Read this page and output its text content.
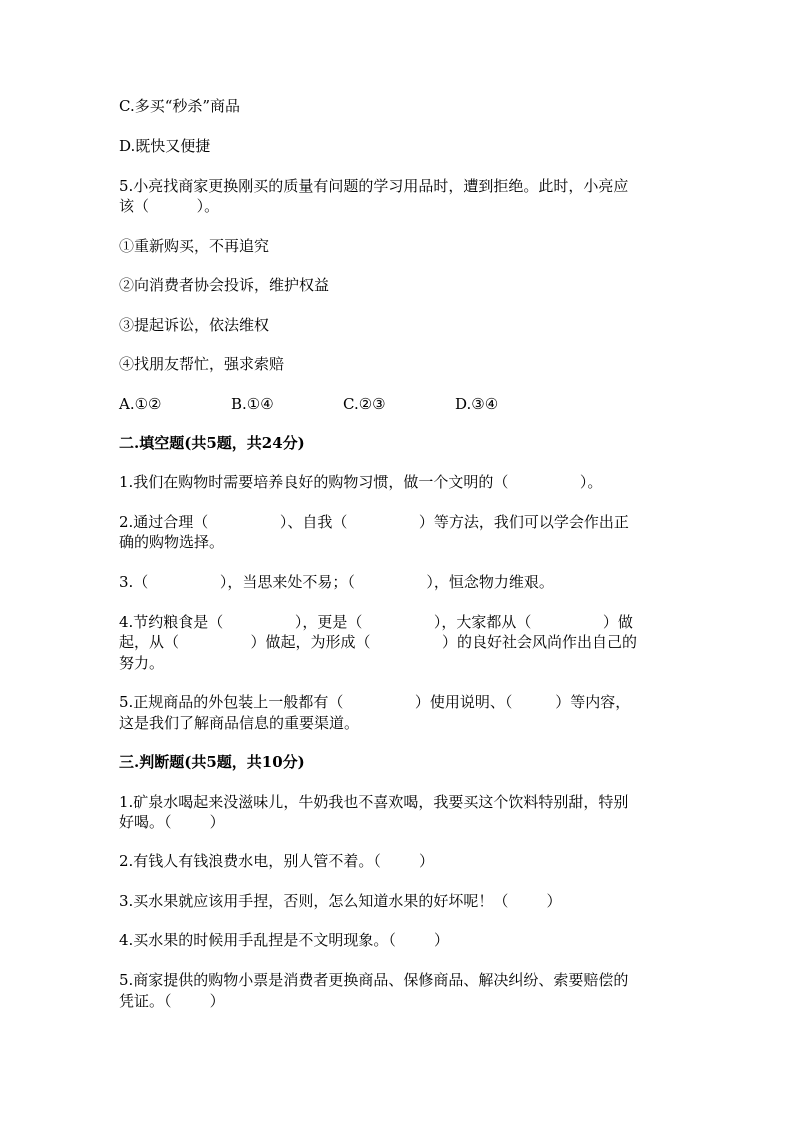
C.多买“秒杀”商品
D.既快又便捷
5.小亮找商家更换刚买的质量有问题的学习用品时，遭到拒绝。此时，小亮应
该（          ）。
①重新购买，不再追究
②向消费者协会投诉，维护权益
③提起诉讼，依法维权
④找朋友帮忙，强求索赔
A.①②	B.①④	C.②③	D.③④
二.填空题(共5题，共24分)
1.我们在购物时需要培养良好的购物习惯，做一个文明的（               ）。
2.通过合理（               ）、自我（               ）等方法，我们可以学会作出正
确的购物选择。
3.（               ），当思来处不易；（               ），恒念物力维艰。
4.节约粮食是（               ），更是（               ），大家都从（               ）做
起，从（               ）做起，为形成（               ）的良好社会风尚作出自己的
努力。
5.正规商品的外包装上一般都有（               ）使用说明、（         ）等内容，
这是我们了解商品信息的重要渠道。
三.判断题(共5题，共10分)
1.矿泉水喝起来没滋味儿，牛奶我也不喜欢喝，我要买这个饮料特别甜，特别
好喝。（        ）
2.有钱人有钱浪费水电，别人管不着。（        ）
3.买水果就应该用手捏，否则，怎么知道水果的好坏呢！（        ）
4.买水果的时候用手乱捏是不文明现象。（        ）
5.商家提供的购物小票是消费者更换商品、保修商品、解决纠纷、索要赔偿的
凭证。（        ）
